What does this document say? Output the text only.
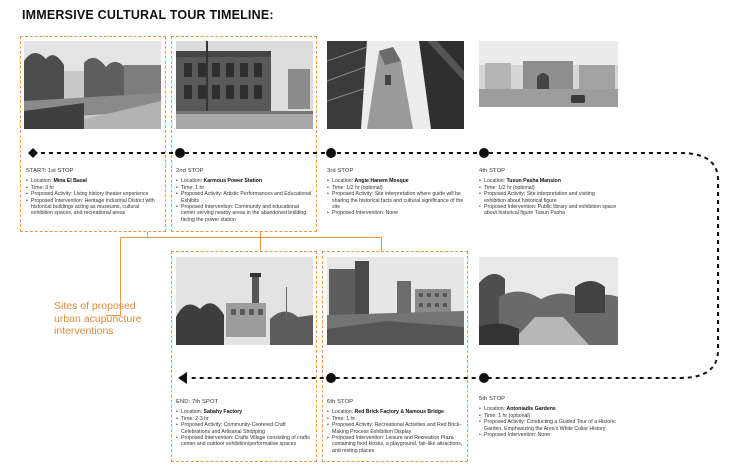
IMMERSIVE CULTURAL TOUR TIMELINE:
Sites of proposed urban acupuncture interventions
START: 1st STOP
• Location: Mina El Basal
• Time: 3 hr
• Proposed Activity: Living history theater experience
• Proposed Intervention: Heritage Industrial District with historical buildings acting as museums, cultural exhibition spaces, and recreational areas
2nd STOP
• Location: Karmous Power Station
• Time: 1 hr
• Proposed Activity: Artistic Performances and Educational Exhibits
• Proposed Intervention: Community and educational center serving nearby areas in the abandoned building facing the power station
3rd STOP
• Location: Angie Hanem Mosque
• Time: 1/2 hr (optional)
• Proposed Activity: Site interpretation where guide will be sharing the historical facts and cultural significance of the site
• Proposed Intervention: None
4th STOP
• Location: Tusun Pasha Mansion
• Time: 1/2 hr (optional)
• Proposed Activity: Site interpretation and visiting exhibition about historical figure
• Proposed Intervention: Public library and exhibition space about historical figure Tusun Pasha
5th STOP
• Location: Antoniadis Gardens
• Time: 1 hr (optional)
• Proposed Activity: Conducting a Guided Tour of a Historic Garden, Emphasizing the Area's White Collar History
• Proposed Intervention: None
6th STOP
• Location: Red Brick Factory & Namous Bridge
• Time: 1 hr
• Proposed Activity: Recreational Activities and Red Brick-Making Process Exhibition Display
• Proposed Intervention: Leisure and Recreation Plaza containing food kiosks, a playground, fair-like attractions, and resting places
END: 7th SPOT
• Location: Sabahy Factory
• Time: 2-3 hr
• Proposed Activity: Community-Centered Craft Celebrations and Artisanal Shopping
• Proposed Intervention: Crafts Village consisting of crafts center and outdoor exhibition/performative spaces
